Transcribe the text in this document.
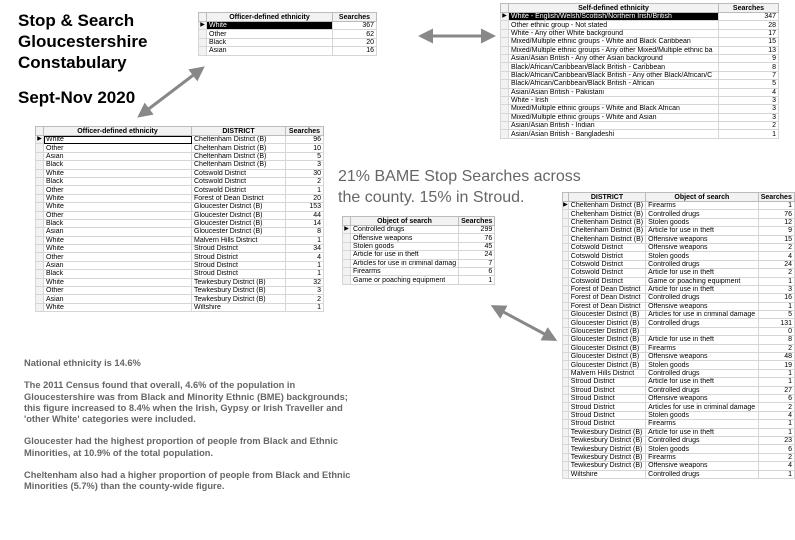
Stop & Search
Gloucestershire
Constabulary
Sept-Nov 2020
21% BAME Stop Searches across
the county. 15% in Stroud.

National ethnicity is 14.6%

The 2011 Census found that overall, 4.6% of the population in Gloucestershire was from Black and Minority Ethnic (BME) backgrounds; this figure increased to 8.4% when the Irish, Gypsy or Irish Traveller and 'other White' categories were included.

Gloucester had the highest proportion of people from Black and Ethnic Minorities, at 10.9% of the total population.

Cheltenham also had a higher proportion of people from Black and Ethnic Minorities (5.7%) than the county-wide figure.

	Officer-defined ethnicity	Searches
▶	White	367
	Other	62
	Black	20
	Asian	16
	Self-defined ethnicity	Searches
▶	White - English/Welsh/Scottish/Northern Irish/British	347
	Other ethnic group - Not stated	28
	White - Any other White background	17
	Mixed/Multiple ethnic groups - White and Black Caribbean	15
	Mixed/Multiple ethnic groups - Any other Mixed/Multiple ethnic ba	13
	Asian/Asian British - Any other Asian background	9
	Black/African/Caribbean/Black British - Caribbean	8
	Black/African/Caribbean/Black British - Any other Black/African/C	7
	Black/African/Caribbean/Black British - African	5
	Asian/Asian British - Pakistani	4
	White - Irish	3
	Mixed/Multiple ethnic groups - White and Black African	3
	Mixed/Multiple ethnic groups - White and Asian	3
	Asian/Asian British - Indian	2
	Asian/Asian British - Bangladeshi	1
	Officer-defined ethnicity	DISTRICT	Searches
▶	White	Cheltenham District (B)	96
	Other	Cheltenham District (B)	10
	Asian	Cheltenham District (B)	5
	Black	Cheltenham District (B)	3
	White	Cotswold District	30
	Black	Cotswold District	2
	Other	Cotswold District	1
	White	Forest of Dean District	20
	White	Gloucester District (B)	153
	Other	Gloucester District (B)	44
	Black	Gloucester District (B)	14
	Asian	Gloucester District (B)	8
	White	Malvern Hills District	1
	White	Stroud District	34
	Other	Stroud District	4
	Asian	Stroud District	1
	Black	Stroud District	1
	White	Tewkesbury District (B)	32
	Other	Tewkesbury District (B)	3
	Asian	Tewkesbury District (B)	2
	White	Wiltshire	1
	Object of search	Searches
▶	Controlled drugs	299
	Offensive weapons	76
	Stolen goods	45
	Article for use in theft	24
	Articles for use in criminal damag	7
	Firearms	6
	Game or poaching equipment	1
	DISTRICT	Object of search	Searches
▶	Cheltenham District (B)	Firearms	1
	Cheltenham District (B)	Controlled drugs	76
	Cheltenham District (B)	Stolen goods	12
	Cheltenham District (B)	Article for use in theft	9
	Cheltenham District (B)	Offensive weapons	15
	Cotswold District	Offensive weapons	2
	Cotswold District	Stolen goods	4
	Cotswold District	Controlled drugs	24
	Cotswold District	Article for use in theft	2
	Cotswold District	Game or poaching equipment	1
	Forest of Dean District	Article for use in theft	3
	Forest of Dean District	Controlled drugs	16
	Forest of Dean District	Offensive weapons	1
	Gloucester District (B)	Articles for use in criminal damage	5
	Gloucester District (B)	Controlled drugs	131
	Gloucester District (B)		0
	Gloucester District (B)	Article for use in theft	8
	Gloucester District (B)	Firearms	2
	Gloucester District (B)	Offensive weapons	48
	Gloucester District (B)	Stolen goods	19
	Malvern Hills District	Controlled drugs	1
	Stroud District	Article for use in theft	1
	Stroud District	Controlled drugs	27
	Stroud District	Offensive weapons	6
	Stroud District	Articles for use in criminal damage	2
	Stroud District	Stolen goods	4
	Stroud District	Firearms	1
	Tewkesbury District (B)	Article for use in theft	1
	Tewkesbury District (B)	Controlled drugs	23
	Tewkesbury District (B)	Stolen goods	6
	Tewkesbury District (B)	Firearms	2
	Tewkesbury District (B)	Offensive weapons	4
	Wiltshire	Controlled drugs	1
